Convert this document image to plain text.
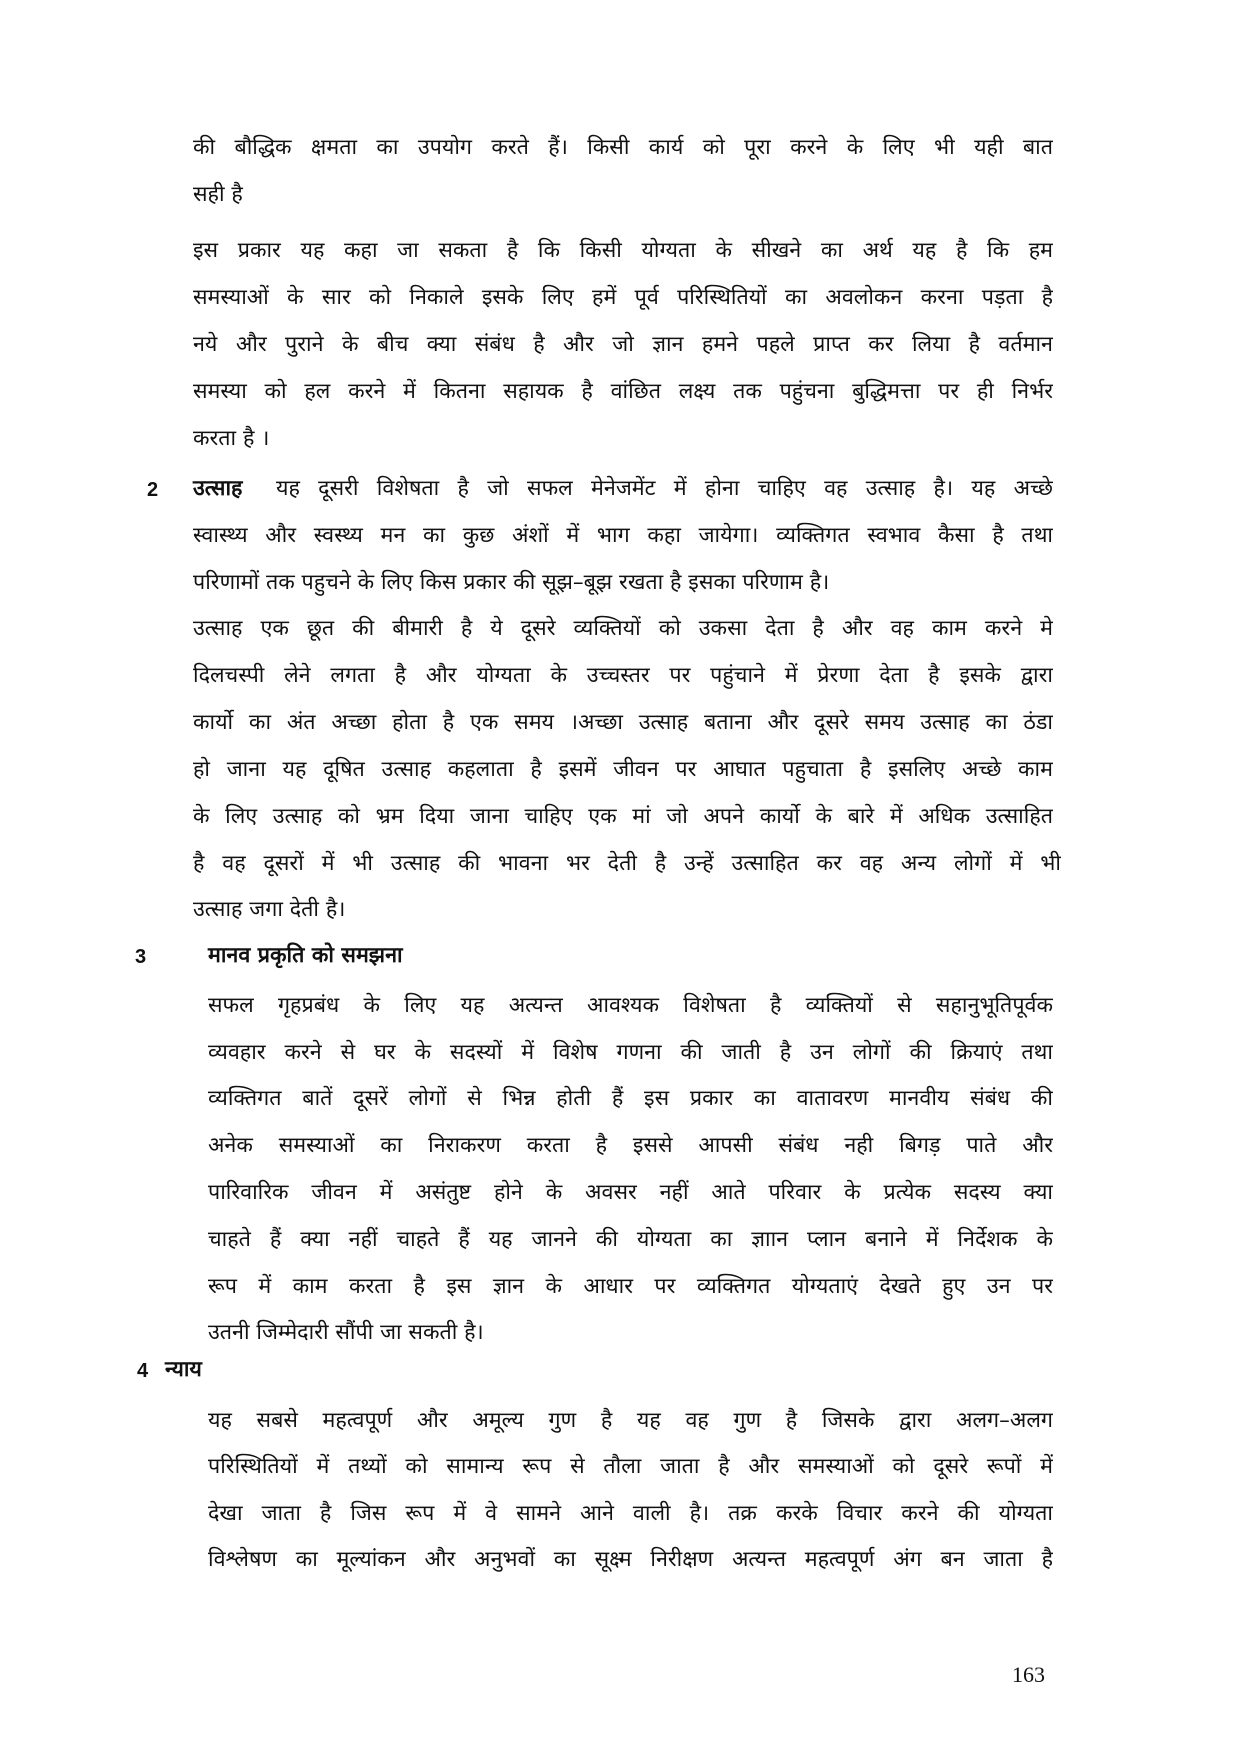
की बौद्धिक क्षमता का उपयोग करते हैं। किसी कार्य को पूरा करने के लिए भी यही बात
सही है
इस प्रकार यह कहा जा सकता है कि किसी योग्यता के सीखने का अर्थ यह है कि हम
समस्याओं के सार को निकाले इसके लिए हमें पूर्व परिस्थितियों का अवलोकन करना पड़ता है
नये और पुराने के बीच क्या संबंध है और जो ज्ञान हमने पहले प्राप्त कर लिया है वर्तमान
समस्या को हल करने में कितना सहायक है वांछित लक्ष्य तक पहुंचना बुद्धिमत्ता पर ही निर्भर
करता है ।
2 उत्साह यह दूसरी विशेषता है जो सफल मेनेजमेंट में होना चाहिए वह उत्साह है। यह अच्छे
स्वास्थ्य और स्वस्थ्य मन का कुछ अंशों में भाग कहा जायेगा। व्यक्तिगत स्वभाव कैसा है तथा
परिणामों तक पहुचने के लिए किस प्रकार की सूझ–बूझ रखता है इसका परिणाम है।
उत्साह एक छूत की बीमारी है ये दूसरे व्यक्तियों को उकसा देता है और वह काम करने मे
दिलचस्पी लेने लगता है और योग्यता के उच्चस्तर पर पहुंचाने में प्रेरणा देता है इसके द्वारा
कार्यो का अंत अच्छा होता है एक समय ।अच्छा उत्साह बताना और दूसरे समय उत्साह का ठंडा
हो जाना यह दूषित उत्साह कहलाता है इसमें जीवन पर आघात पहुचाता है इसलिए अच्छे काम
के लिए उत्साह को भ्रम दिया जाना चाहिए एक मां जो अपने कार्यो के बारे में अधिक उत्साहित
है वह दूसरों में भी उत्साह की भावना भर देती है उन्हें उत्साहित कर वह अन्य लोगों में भी
उत्साह जगा देती है।
3	मानव प्रकृति को समझना
सफल गृहप्रबंध के लिए यह अत्यन्त आवश्यक विशेषता है व्यक्तियों से सहानुभूतिपूर्वक
व्यवहार करने से घर के सदस्यों में विशेष गणना की जाती है उन लोगों की क्रियाएं तथा
व्यक्तिगत बातें दूसरें लोगों से भिन्न होती हैं इस प्रकार का वातावरण मानवीय संबंध की
अनेक समस्याओं का निराकरण करता है इससे आपसी संबंध नही बिगड़ पाते और
पारिवारिक जीवन में असंतुष्ट होने के अवसर नहीं आते परिवार के प्रत्येक सदस्य क्या
चाहते हैं क्या नहीं चाहते हैं यह जानने की योग्यता का ज्ञाान प्लान बनाने में निर्देशक के
रूप में काम करता है इस ज्ञान के आधार पर व्यक्तिगत योग्यताएं देखते हुए उन पर
उतनी जिम्मेदारी सौंपी जा सकती है।
4 न्याय
यह सबसे महत्वपूर्ण और अमूल्य गुण है यह वह गुण है जिसके द्वारा अलग–अलग
परिस्थितियों में तथ्यों को सामान्य रूप से तौला जाता है और समस्याओं को दूसरे रूपों में
देखा जाता है जिस रूप में वे सामने आने वाली है। तक्र करके विचार करने की योग्यता
विश्लेषण का मूल्यांकन और अनुभवों का सूक्ष्म निरीक्षण अत्यन्त महत्वपूर्ण अंग बन जाता है
163
